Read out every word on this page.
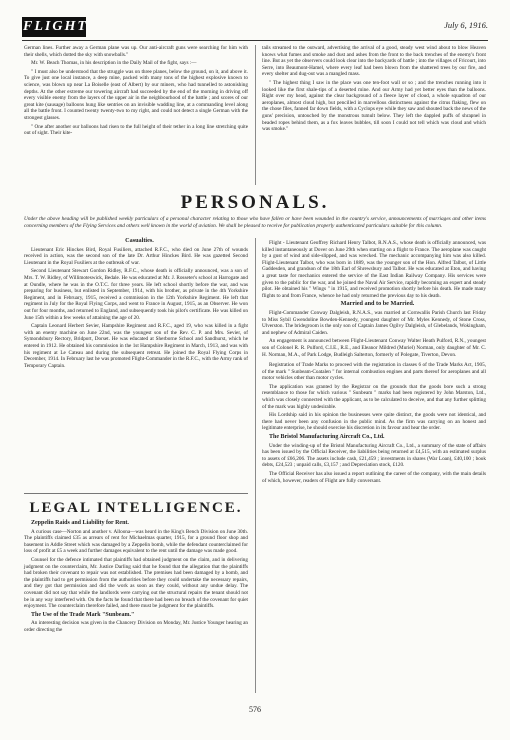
FLIGHT	July 6, 1916.

German lines. Further away a German plane was up. Our anti-aircraft guns were searching for him with their shells, which dotted the sky with snowballs."

Mr. W. Beach Thomas, in his description in the Daily Mail of the fight, says :—

" I must also be understood that the struggle was on three planes, below the ground, on it, and above it. To give just one local instance, a deep mine, packed with many tons of the highest explosive known to science, was blown up near La Boiselle (east of Albert) by our miners, who had tunnelled to astonishing depths. At the other extreme our towering aircraft had succeeded by the end of the morning in driving off every visible enemy from the layers of the upper air in the neighbourhood of the battle ; and scores of our great kite (sausage) balloons hung like sentries on an invisible wadding line, at a commanding level along all the battle front. I counted twenty twenty-two to my right, and could not detect a single German with the strongest glasses.

" One after another our balloons had risen to the full height of their tether in a long line stretching quite out of sight. Their kite-

tails streamed to the outward, advertising the arrival of a good, steady west wind about to blow Heaven knows what fumes and smoke and dust and ashes from the front to the back trenches of the enemy's front line. But as yet the observers could look clear into the backyards of battle ; into the villages of Fricourt, into Serre, into Beaumont-Hamel, where every leaf had been blown from the shattered trees by our fire, and every shelter and dug-out was a mangled mass.

" The highest thing I saw in the place was one ten-foot wall or so ; and the trenches running into it looked like the first shale-tips of a deserted mine. And our Army had yet better eyes than the balloons. Right over my head, against the clear background of a fleece layer of cloud, a whole squadron of our aeroplanes, almost cloud high, but pencilled in marvellous distinctness against the citrus flaking, flew on the chose files, fanned far down fields, with a Cyclops eye while they saw and shouted back the news of the guns' precision, untouched by the monstrous tumult below. They left the dappled puffs of shrapnel in beaded ropes behind them, as a fox leaves bubbles, till soon I could not tell which was cloud and which was smoke."

PERSONALS.
Under the above heading will be published weekly particulars of a personal character relating to those who have fallen or have been wounded in the country's service, announcements of marriages and other items concerning members of the Flying Services and others well known in the world of aviation. We shall be pleased to receive for publication properly authenticated particulars suitable for this column.

Casualties.

Lieutenant Eric Hinckes Bird, Royal Fusiliers, attached R.F.C., who died on June 27th of wounds received in action, was the second son of the late Dr. Arthur Hinckes Bird. He was gazetted Second Lieutenant in the Royal Fusiliers at the outbreak of war.

Second Lieutenant Stewart Gordon Ridley, R.F.C., whose death is officially announced, was a son of Mrs. T. W. Ridley, of Willimoteswick, Bedale. He was educated at Mr. J. Rosseter's school at Harrogate and at Oundle, where he was in the O.T.C. for three years. He left school shortly before the war, and was preparing for business, but enlisted in September, 1914, with his brother, as private in the 4th Yorkshire Regiment, and in February, 1915, received a commission in the 12th Yorkshire Regiment. He left that regiment in July for the Royal Flying Corps, and went to France in August, 1915, as an Observer. He won out for four months, and returned to England, and subsequently took his pilot's certificate. He was killed on June 15th within a few weeks of attaining the age of 20.

Captain Leonard Herbert Sevier, Hampshire Regiment and R.F.C., aged 19, who was killed in a fight with an enemy machine on June 22nd, was the youngest son of the Rev. C. P. and Mrs. Sevier, of Symondsbury Rectory, Bridport, Dorset. He was educated at Sherborne School and Sandhurst, which he entered in 1912. He obtained his commission in the 1st Hampshire Regiment in March, 1913, and was with his regiment at Le Cateau and during the subsequent retreat. He joined the Royal Flying Corps in December, 1914. In February last he was promoted Flight-Commander in the R.F.C., with the Army rank of Temporary Captain.

Flight - Lieutenant Geoffrey Richard Henry Talbot, R.N.A.S., whose death is officially announced, was killed instantaneously at Dover on June 29th when starting on a flight to France. The aeroplane was caught by a gust of wind and side-slipped, and was wrecked. The mechanic accompanying him was also killed. Flight-Lieutenant Talbot, who was born in 1889, was the younger son of the Hon. Alfred Talbot, of Little Gaddesden, and grandson of the 18th Earl of Shrewsbury and Talbot. He was educated at Eton, and having a great taste for mechanics entered the service of the East Indian Railway Company. His services were given to the public for the war, and he joined the Naval Air Service, rapidly becoming an expert and steady pilot. He obtained his " Wings " in 1915, and received promotion shortly before his death. He made many flights to and from France, whence he had only returned the previous day to his death.

Married and to be Married.

Flight-Commander Conway Dalgleish, R.N.A.S., was married at Cornwallis Parish Church last Friday to Miss Sybil Gwendoline Bowden-Kennedy, youngest daughter of Mr. Myles Kennedy, of Stone Cross, Ulverston. The bridegroom is the only son of Captain James Ogilvy Dalgleish, of Glebelands, Wokingham, and nephew of Admiral Caiden.

An engagement is announced between Flight-Lieutenant Conway Walter Heath Pulford, R.N., youngest son of Colonel R. R. Pulford, C.I.E., R.E., and Eleanor Mildred (Muriel) Norman, only daughter of Mr. C. H. Norman, M.A., of Park Lodge, Budleigh Salterton, formerly of Polegate, Tiverton, Devon.

Registration of Trade Marks to proceed with the registration in classes 6 of the Trade Marks Act, 1905, of the mark " Sunbeam-Coatalen " for internal combustion engines and parts thereof for aeroplanes and all motor vehicles other than motor cycles.

The application was granted by the Registrar on the grounds that the goods bore such a strong resemblance to those for which various " Sunbeam " marks had been registered by John Marston, Ltd., which was closely connected with the applicant, as to be calculated to deceive, and that any further splitting of the mark was highly undesirable.

His Lordship said in his opinion the businesses were quite distinct, the goods were not identical, and there had never been any confusion in the public mind. As the firm was carrying on an honest and legitimate enterprise, he should exercise his discretion in its favour and hear the order.

The Bristol Manufacturing Aircraft Co., Ltd.

Under the winding-up of the Bristol Manufacturing Aircraft Co., Ltd., a summary of the state of affairs has been issued by the Official Receiver, the liabilities being returned at £4,515, with an estimated surplus to assets of £66,206. The assets include cash, £21,459 ; investments in shares (War Loan), £40,100 ; book debts, £24,523 ; unpaid calls, £3,157 ; and Depreciation stock, £120.

The Official Receiver has also issued a report outlining the career of the company, with the main details of which, however, readers of Flight are fully conversant.

LEGAL INTELLIGENCE.

Zeppelin Raids and Liability for Rent.

A curious case—Norton and another v. Alloona—was heard in the King's Bench Division on June 30th. The plaintiffs claimed £35 as arrears of rent for Michaelmas quarter, 1915, for a ground floor shop and basement in Addle Street which was damaged by a Zeppelin bomb, while the defendant counterclaimed for loss of profit at £5 a week and further damages equivalent to the rent until the damage was made good.

Counsel for the defence intimated that plaintiffs had obtained judgment on the claim, and in delivering judgment on the counterclaim, Mr. Justice Darling said that he found that the allegation that the plaintiffs had broken their covenant to repair was not established. The premises had been damaged by a bomb, and the plaintiffs had to get permission from the authorities before they could undertake the necessary repairs, and they got that permission and did the work as soon as they could, without any undue delay. The covenant did not say that while the landlords were carrying out the structural repairs the tenant should not be in any way interfered with. On the facts he found that there had been no breach of the covenant for quiet enjoyment. The counterclaim therefore failed, and there must be judgment for the plaintiffs.

The Use of the Trade Mark "Sunbeam."

An interesting decision was given in the Chancery Division on Monday, Mr. Justice Younger hearing an order directing the

576
